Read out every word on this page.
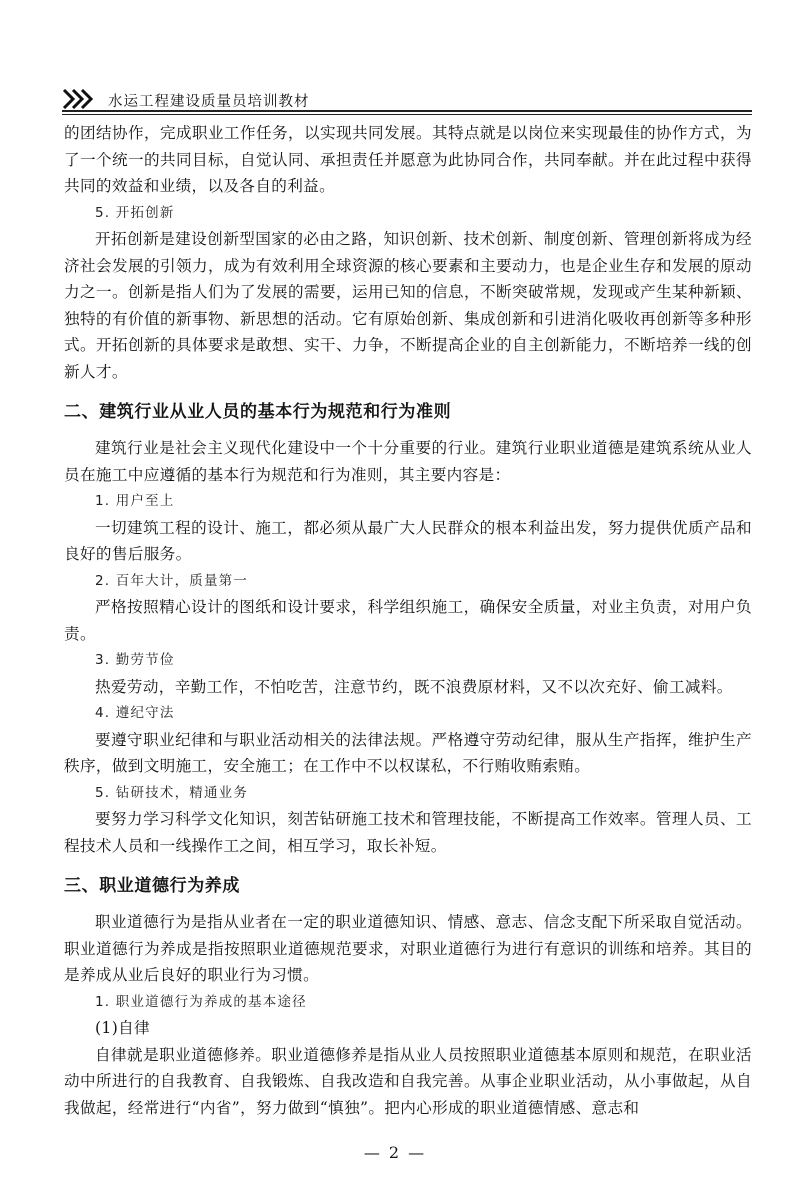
水运工程建设质量员培训教材

的团结协作，完成职业工作任务，以实现共同发展。其特点就是以岗位来实现最佳的协作方式，为了一个统一的共同目标，自觉认同、承担责任并愿意为此协同合作，共同奉献。并在此过程中获得共同的效益和业绩，以及各自的利益。

5. 开拓创新

开拓创新是建设创新型国家的必由之路，知识创新、技术创新、制度创新、管理创新将成为经济社会发展的引领力，成为有效利用全球资源的核心要素和主要动力，也是企业生存和发展的原动力之一。创新是指人们为了发展的需要，运用已知的信息，不断突破常规，发现或产生某种新颖、独特的有价值的新事物、新思想的活动。它有原始创新、集成创新和引进消化吸收再创新等多种形式。开拓创新的具体要求是敢想、实干、力争，不断提高企业的自主创新能力，不断培养一线的创新人才。

二、建筑行业从业人员的基本行为规范和行为准则

建筑行业是社会主义现代化建设中一个十分重要的行业。建筑行业职业道德是建筑系统从业人员在施工中应遵循的基本行为规范和行为准则，其主要内容是：

1. 用户至上

一切建筑工程的设计、施工，都必须从最广大人民群众的根本利益出发，努力提供优质产品和良好的售后服务。

2. 百年大计，质量第一

严格按照精心设计的图纸和设计要求，科学组织施工，确保安全质量，对业主负责，对用户负责。

3. 勤劳节俭

热爱劳动，辛勤工作，不怕吃苦，注意节约，既不浪费原材料，又不以次充好、偷工减料。

4. 遵纪守法

要遵守职业纪律和与职业活动相关的法律法规。严格遵守劳动纪律，服从生产指挥，维护生产秩序，做到文明施工，安全施工；在工作中不以权谋私，不行贿收贿索贿。

5. 钻研技术，精通业务

要努力学习科学文化知识，刻苦钻研施工技术和管理技能，不断提高工作效率。管理人员、工程技术人员和一线操作工之间，相互学习，取长补短。

三、职业道德行为养成

职业道德行为是指从业者在一定的职业道德知识、情感、意志、信念支配下所采取自觉活动。职业道德行为养成是指按照职业道德规范要求，对职业道德行为进行有意识的训练和培养。其目的是养成从业后良好的职业行为习惯。

1. 职业道德行为养成的基本途径

(1)自律

自律就是职业道德修养。职业道德修养是指从业人员按照职业道德基本原则和规范，在职业活动中所进行的自我教育、自我锻炼、自我改造和自我完善。从事企业职业活动，从小事做起，从自我做起，经常进行“内省”，努力做到“慎独”。把内心形成的职业道德情感、意志和

— 2 —
